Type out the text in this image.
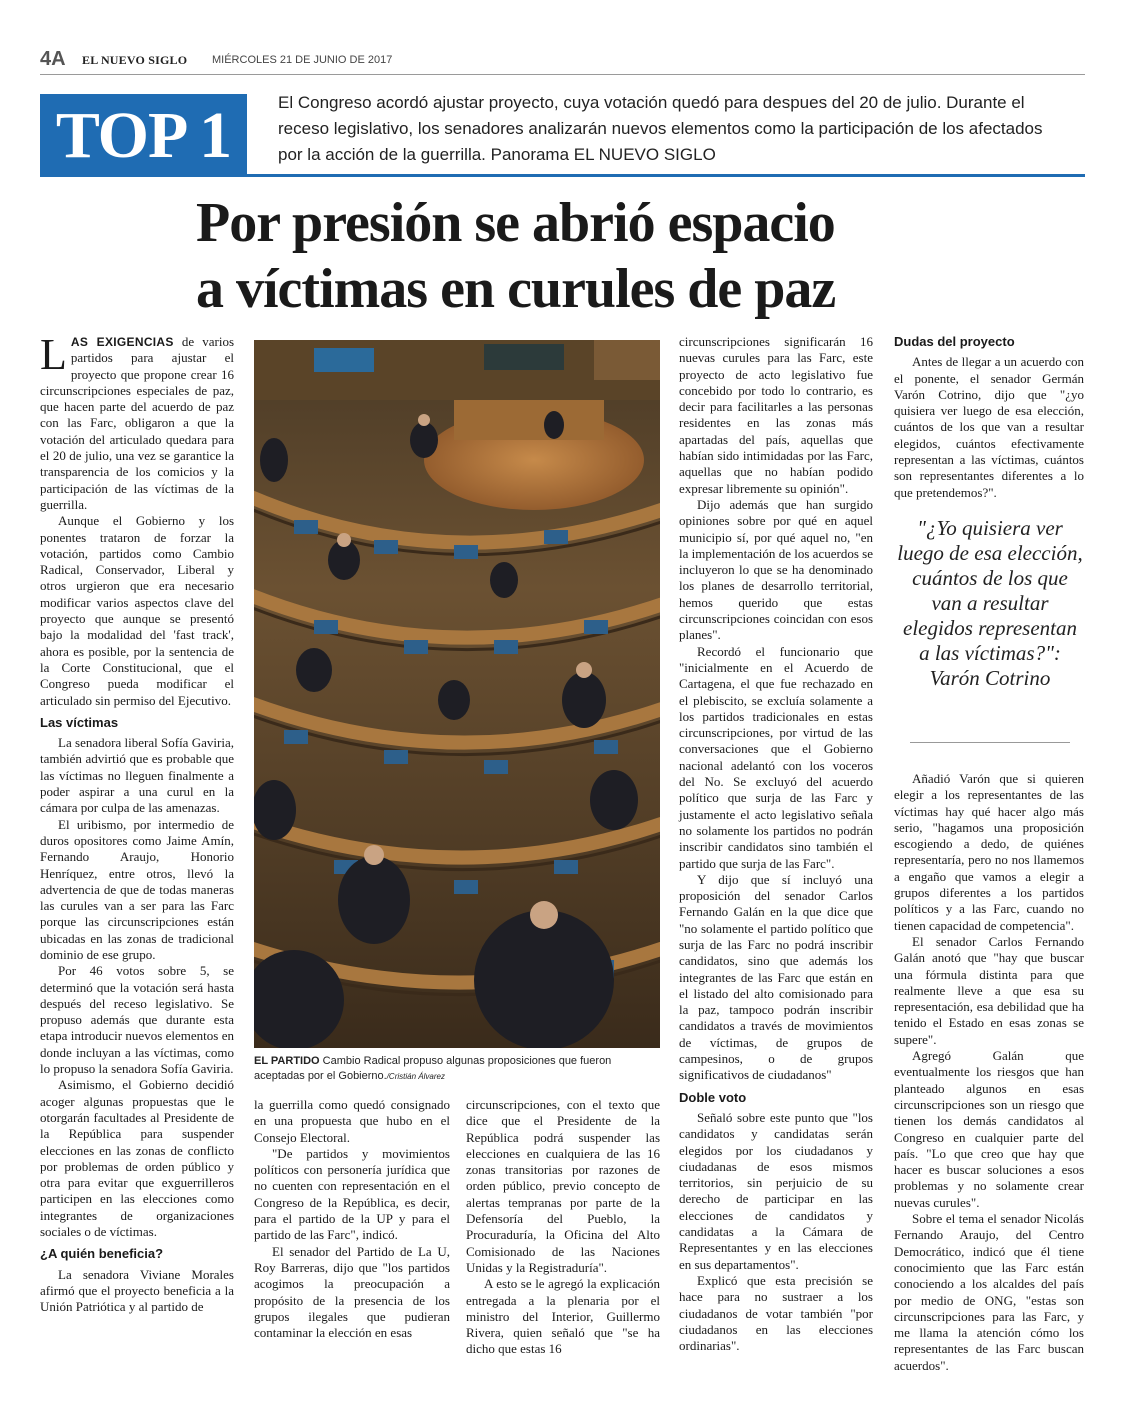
4A EL NUEVO SIGLO MIÉRCOLES 21 DE JUNIO DE 2017
TOP 1	El Congreso acordó ajustar proyecto, cuya votación quedó para despues del 20 de julio. Durante el receso legislativo, los senadores analizarán nuevos elementos como la participación de los afectados por la acción de la guerrilla. Panorama EL NUEVO SIGLO
Por presión se abrió espacio
a víctimas en curules de paz

LAS EXIGENCIAS de varios partidos para ajustar el proyecto que propone crear 16 circunscripciones especiales de paz, que hacen parte del acuerdo de paz con las Farc, obligaron a que la votación del articulado quedara para el 20 de julio, una vez se garantice la transparencia de los comicios y la participación de las víctimas de la guerrilla.

Aunque el Gobierno y los ponentes trataron de forzar la votación, partidos como Cambio Radical, Conservador, Liberal y otros urgieron que era necesario modificar varios aspectos clave del proyecto que aunque se presentó bajo la modalidad del 'fast track', ahora es posible, por la sentencia de la Corte Constitucional, que el Congreso pueda modificar el articulado sin permiso del Ejecutivo.

Las víctimas

La senadora liberal Sofía Gaviria, también advirtió que es probable que las víctimas no lleguen finalmente a poder aspirar a una curul en la cámara por culpa de las amenazas.

El uribismo, por intermedio de duros opositores como Jaime Amín, Fernando Araujo, Honorio Henríquez, entre otros, llevó la advertencia de que de todas maneras las curules van a ser para las Farc porque las circunscripciones están ubicadas en las zonas de tradicional dominio de ese grupo.

Por 46 votos sobre 5, se determinó que la votación será hasta después del receso legislativo. Se propuso además que durante esta etapa introducir nuevos elementos en donde incluyan a las víctimas, como lo propuso la senadora Sofía Gaviria.

Asimismo, el Gobierno decidió acoger algunas propuestas que le otorgarán facultades al Presidente de la República para suspender elecciones en las zonas de conflicto por problemas de orden público y otra para evitar que exguerrilleros participen en las elecciones como integrantes de organizaciones sociales o de víctimas.

¿A quién beneficia?

La senadora Viviane Morales afirmó que el proyecto beneficia a la Unión Patriótica y al partido de

EL PARTIDO Cambio Radical propuso algunas proposiciones que fueron aceptadas por el Gobierno./Cristián Álvarez

la guerrilla como quedó consignado en una propuesta que hubo en el Consejo Electoral.

"De partidos y movimientos políticos con personería jurídica que no cuenten con representación en el Congreso de la República, es decir, para el partido de la UP y para el partido de las Farc", indicó.

El senador del Partido de La U, Roy Barreras, dijo que "los partidos acogimos la preocupación a propósito de la presencia de los grupos ilegales que pudieran contaminar la elección en esas

circunscripciones, con el texto que dice que el Presidente de la República podrá suspender las elecciones en cualquiera de las 16 zonas transitorias por razones de orden público, previo concepto de alertas tempranas por parte de la Defensoría del Pueblo, la Procuraduría, la Oficina del Alto Comisionado de las Naciones Unidas y la Registraduría".

A esto se le agregó la explicación entregada a la plenaria por el ministro del Interior, Guillermo Rivera, quien señaló que "se ha dicho que estas 16

circunscripciones significarán 16 nuevas curules para las Farc, este proyecto de acto legislativo fue concebido por todo lo contrario, es decir para facilitarles a las personas residentes en las zonas más apartadas del país, aquellas que habían sido intimidadas por las Farc, aquellas que no habían podido expresar libremente su opinión".

Dijo además que han surgido opiniones sobre por qué en aquel municipio sí, por qué aquel no, "en la implementación de los acuerdos se incluyeron lo que se ha denominado los planes de desarrollo territorial, hemos querido que estas circunscripciones coincidan con esos planes".

Recordó el funcionario que "inicialmente en el Acuerdo de Cartagena, el que fue rechazado en el plebiscito, se excluía solamente a los partidos tradicionales en estas circunscripciones, por virtud de las conversaciones que el Gobierno nacional adelantó con los voceros del No. Se excluyó del acuerdo político que surja de las Farc y justamente el acto legislativo señala no solamente los partidos no podrán inscribir candidatos sino también el partido que surja de las Farc".

Y dijo que sí incluyó una proposición del senador Carlos Fernando Galán en la que dice que "no solamente el partido político que surja de las Farc no podrá inscribir candidatos, sino que además los integrantes de las Farc que están en el listado del alto comisionado para la paz, tampoco podrán inscribir candidatos a través de movimientos de víctimas, de grupos de campesinos, o de grupos significativos de ciudadanos"

Doble voto

Señaló sobre este punto que "los candidatos y candidatas serán elegidos por los ciudadanos y ciudadanas de esos mismos territorios, sin perjuicio de su derecho de participar en las elecciones de candidatos y candidatas a la Cámara de Representantes y en las elecciones en sus departamentos".

Explicó que esta precisión se hace para no sustraer a los ciudadanos de votar también "por ciudadanos en las elecciones ordinarias".

Dudas del proyecto

Antes de llegar a un acuerdo con el ponente, el senador Germán Varón Cotrino, dijo que "¿yo quisiera ver luego de esa elección, cuántos de los que van a resultar elegidos, cuántos efectivamente representan a las víctimas, cuántos son representantes diferentes a lo que pretendemos?".

"¿Yo quisiera ver luego de esa elección, cuántos de los que van a resultar elegidos representan a las víctimas?": Varón Cotrino

Añadió Varón que si quieren elegir a los representantes de las víctimas hay qué hacer algo más serio, "hagamos una proposición escogiendo a dedo, de quiénes representaría, pero no nos llamemos a engaño que vamos a elegir a grupos diferentes a los partidos políticos y a las Farc, cuando no tienen capacidad de competencia".

El senador Carlos Fernando Galán anotó que "hay que buscar una fórmula distinta para que realmente lleve a que esa su representación, esa debilidad que ha tenido el Estado en esas zonas se supere".

Agregó Galán que eventualmente los riesgos que han planteado algunos en esas circunscripciones son un riesgo que tienen los demás candidatos al Congreso en cualquier parte del país. "Lo que creo que hay que hacer es buscar soluciones a esos problemas y no solamente crear nuevas curules".

Sobre el tema el senador Nicolás Fernando Araujo, del Centro Democrático, indicó que él tiene conocimiento que las Farc están conociendo a los alcaldes del país por medio de ONG, "estas son circunscripciones para las Farc, y me llama la atención cómo los representantes de las Farc buscan acuerdos".
